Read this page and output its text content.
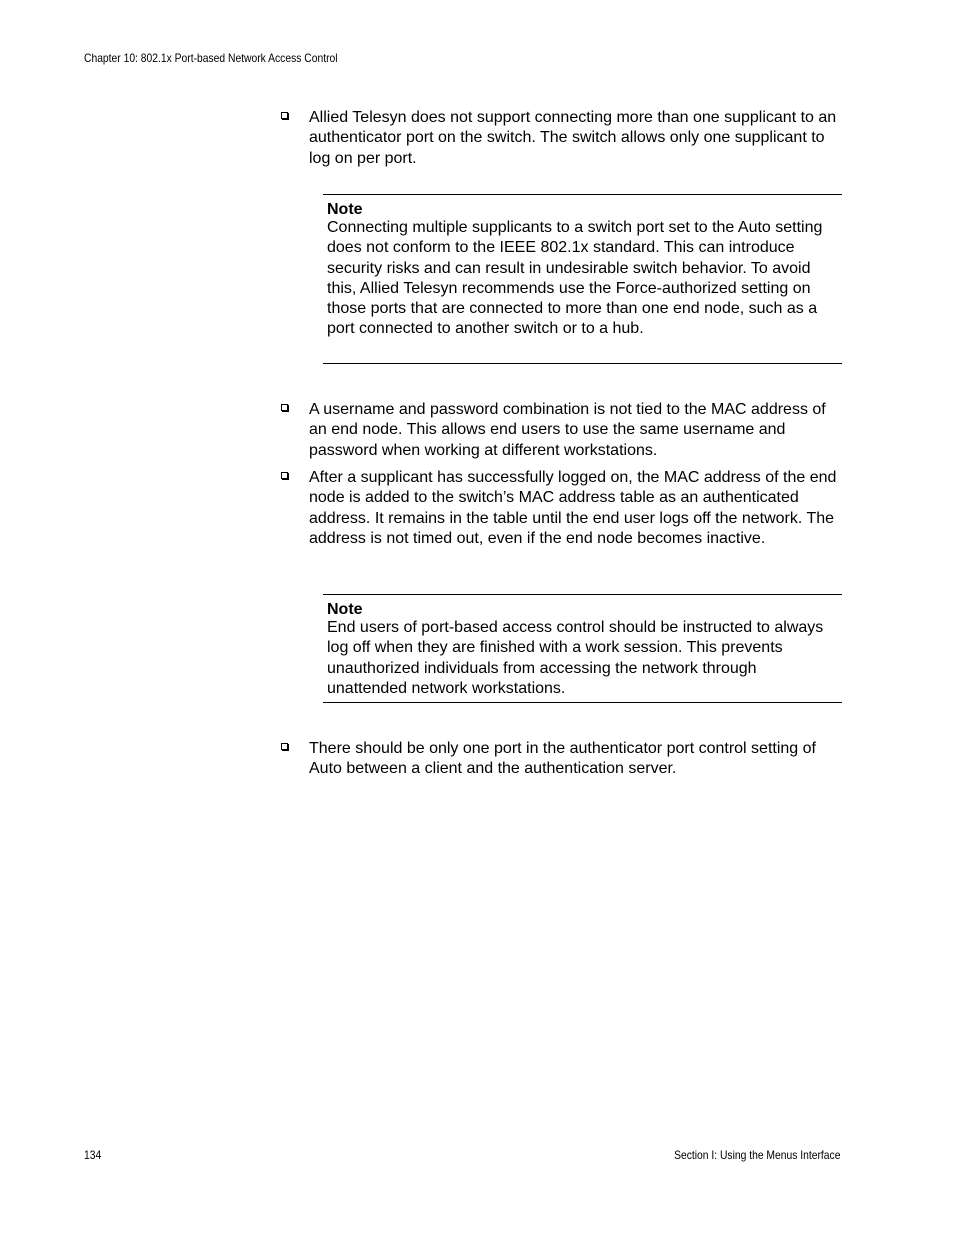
Chapter 10: 802.1x Port-based Network Access Control
Allied Telesyn does not support connecting more than one supplicant to an authenticator port on the switch. The switch allows only one supplicant to log on per port.
Note
Connecting multiple supplicants to a switch port set to the Auto setting does not conform to the IEEE 802.1x standard. This can introduce security risks and can result in undesirable switch behavior. To avoid this, Allied Telesyn recommends use the Force-authorized setting on those ports that are connected to more than one end node, such as a port connected to another switch or to a hub.
A username and password combination is not tied to the MAC address of an end node. This allows end users to use the same username and password when working at different workstations.
After a supplicant has successfully logged on, the MAC address of the end node is added to the switch’s MAC address table as an authenticated address. It remains in the table until the end user logs off the network. The address is not timed out, even if the end node becomes inactive.
Note
End users of port-based access control should be instructed to always log off when they are finished with a work session. This prevents unauthorized individuals from accessing the network through unattended network workstations.
There should be only one port in the authenticator port control setting of Auto between a client and the authentication server.
134	Section I: Using the Menus Interface
